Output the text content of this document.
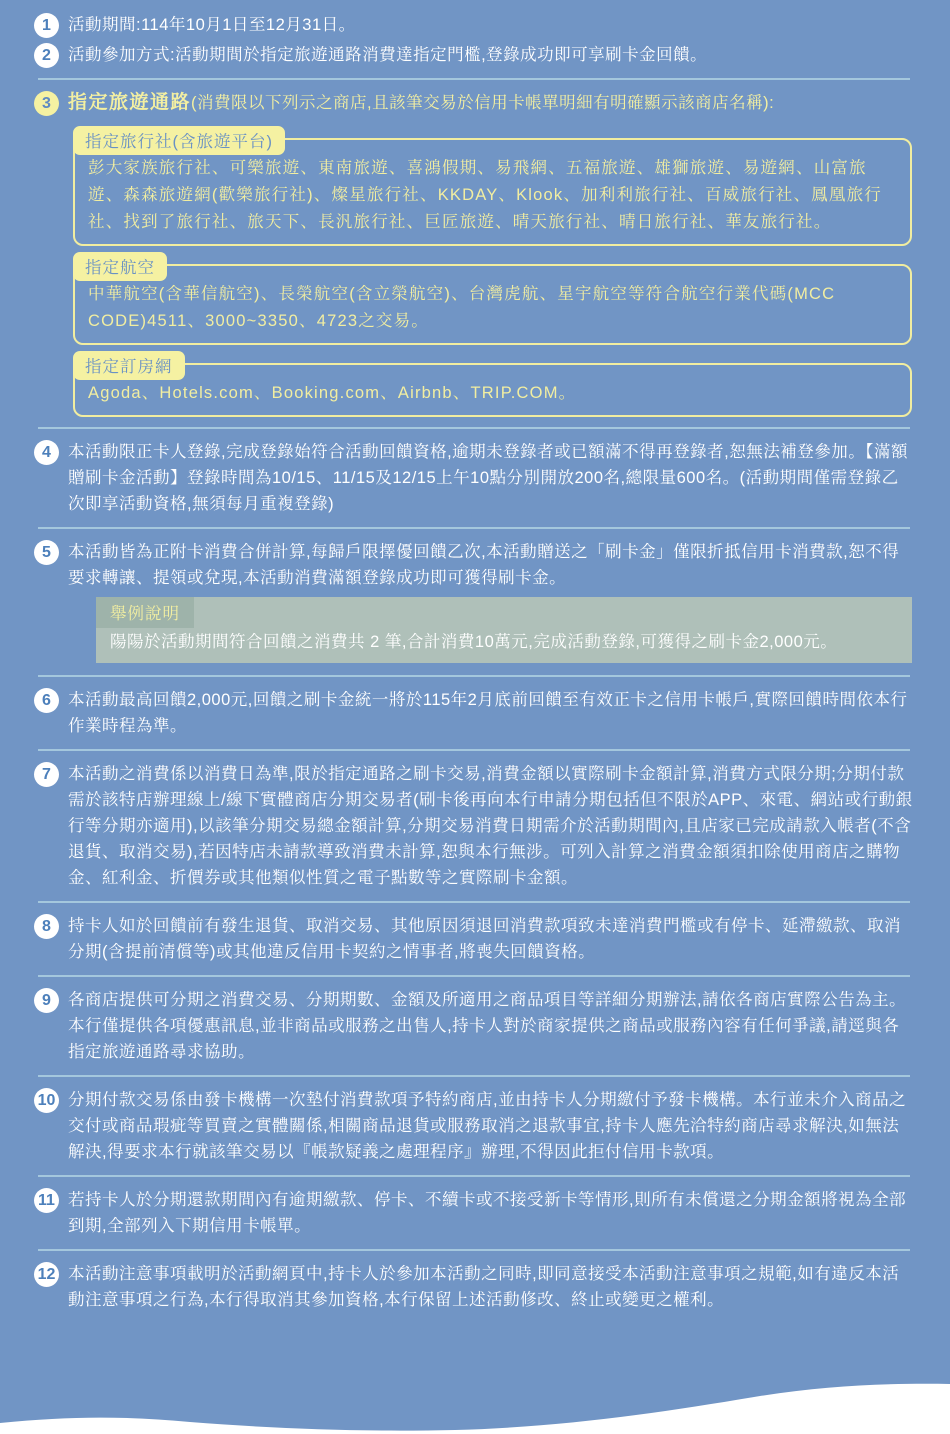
1	活動期間:114年10月1日至12月31日。

2	活動參加方式:活動期間於指定旅遊通路消費達指定門檻,登錄成功即可享刷卡金回饋。

3 指定旅遊通路(消費限以下列示之商店,且該筆交易於信用卡帳單明細有明確顯示該商店名稱):

指定旅行社(含旅遊平台)

彭大家族旅行社、可樂旅遊、東南旅遊、喜鴻假期、易飛網、五福旅遊、雄獅旅遊、易遊網、山富旅遊、森森旅遊網(歡樂旅行社)、燦星旅行社、KKDAY、Klook、加利利旅行社、百威旅行社、鳳凰旅行社、找到了旅行社、旅天下、長汎旅行社、巨匠旅遊、晴天旅行社、晴日旅行社、華友旅行社。

指定航空

中華航空(含華信航空)、長榮航空(含立榮航空)、台灣虎航、星宇航空等符合航空行業代碼(MCC CODE)4511、3000~3350、4723之交易。

指定訂房網

Agoda、Hotels.com、Booking.com、Airbnb、TRIP.COM。

4	本活動限正卡人登錄,完成登錄始符合活動回饋資格,逾期未登錄者或已額滿不得再登錄者,恕無法補登參加。【滿額贈刷卡金活動】登錄時間為10/15、11/15及12/15上午10點分別開放200名,總限量600名。(活動期間僅需登錄乙次即享活動資格,無須每月重複登錄)

5	本活動皆為正附卡消費合併計算,每歸戶限擇優回饋乙次,本活動贈送之「刷卡金」僅限折抵信用卡消費款,恕不得要求轉讓、提領或兌現,本活動消費滿額登錄成功即可獲得刷卡金。

舉例說明

陽陽於活動期間符合回饋之消費共 2 筆,合計消費10萬元,完成活動登錄,可獲得之刷卡金2,000元。

6	本活動最高回饋2,000元,回饋之刷卡金統一將於115年2月底前回饋至有效正卡之信用卡帳戶,實際回饋時間依本行作業時程為準。

7	本活動之消費係以消費日為準,限於指定通路之刷卡交易,消費金額以實際刷卡金額計算,消費方式限分期;分期付款需於該特店辦理線上/線下實體商店分期交易者(刷卡後再向本行申請分期包括但不限於APP、來電、網站或行動銀行等分期亦適用),以該筆分期交易總金額計算,分期交易消費日期需介於活動期間內,且店家已完成請款入帳者(不含退貨、取消交易),若因特店未請款導致消費未計算,恕與本行無涉。可列入計算之消費金額須扣除使用商店之購物金、紅利金、折價券或其他類似性質之電子點數等之實際刷卡金額。

8	持卡人如於回饋前有發生退貨、取消交易、其他原因須退回消費款項致未達消費門檻或有停卡、延滯繳款、取消分期(含提前清償等)或其他違反信用卡契約之情事者,將喪失回饋資格。

9	各商店提供可分期之消費交易、分期期數、金額及所適用之商品項目等詳細分期辦法,請依各商店實際公告為主。本行僅提供各項優惠訊息,並非商品或服務之出售人,持卡人對於商家提供之商品或服務內容有任何爭議,請逕與各指定旅遊通路尋求協助。

10 分期付款交易係由發卡機構一次墊付消費款項予特約商店,並由持卡人分期繳付予發卡機構。本行並未介入商品之交付或商品瑕疵等買賣之實體關係,相關商品退貨或服務取消之退款事宜,持卡人應先洽特約商店尋求解決,如無法解決,得要求本行就該筆交易以『帳款疑義之處理程序』辦理,不得因此拒付信用卡款項。

11 若持卡人於分期還款期間內有逾期繳款、停卡、不續卡或不接受新卡等情形,則所有未償還之分期金額將視為全部到期,全部列入下期信用卡帳單。

12 本活動注意事項載明於活動網頁中,持卡人於參加本活動之同時,即同意接受本活動注意事項之規範,如有違反本活動注意事項之行為,本行得取消其參加資格,本行保留上述活動修改、終止或變更之權利。
